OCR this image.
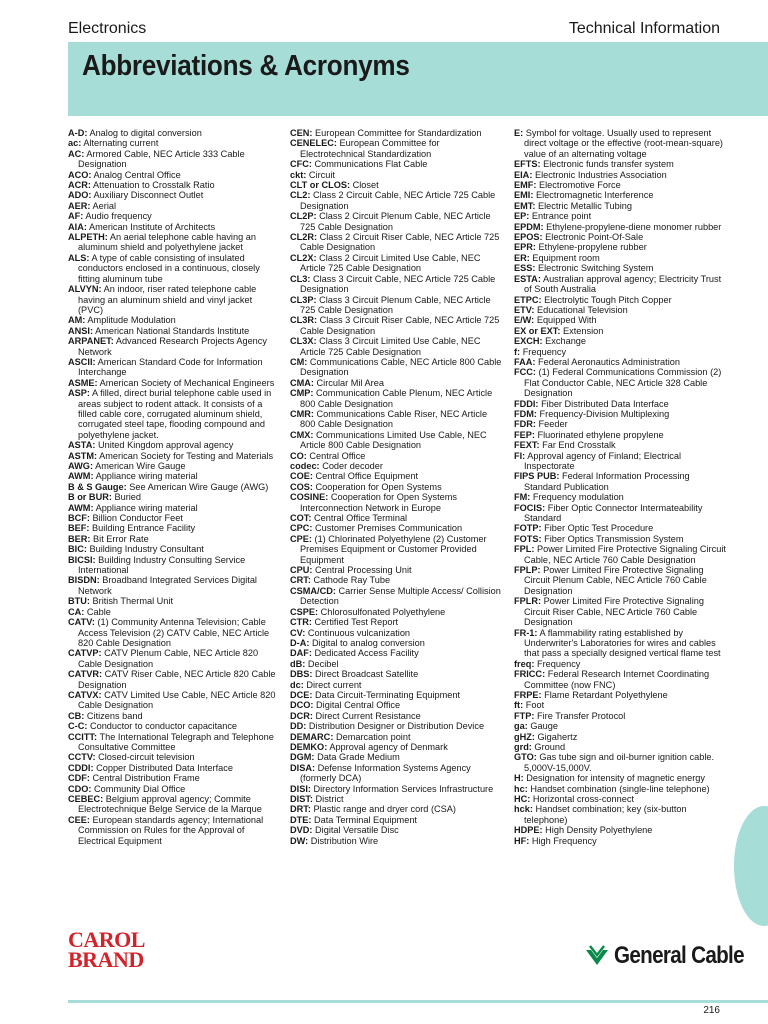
Electronics	Technical Information
Abbreviations & Acronyms

A-D: Analog to digital conversion

ac: Alternating current

AC: Armored Cable, NEC Article 333 Cable Designation

ACO: Analog Central Office

ACR: Attenuation to Crosstalk Ratio

ADO: Auxiliary Disconnect Outlet

AER: Aerial

AF: Audio frequency

AIA: American Institute of Architects

ALPETH: An aerial telephone cable having an aluminum shield and polyethylene jacket

ALS: A type of cable consisting of insulated conductors enclosed in a continuous, closely fitting aluminum tube

ALVYN: An indoor, riser rated telephone cable having an aluminum shield and vinyl jacket (PVC)

AM: Amplitude Modulation

ANSI: American National Standards Institute

ARPANET: Advanced Research Projects Agency Network

ASCII: American Standard Code for Information Interchange

ASME: American Society of Mechanical Engineers

ASP: A filled, direct burial telephone cable used in areas subject to rodent attack. It consists of a filled cable core, corrugated aluminum shield, corrugated steel tape, flooding compound and polyethylene jacket.

ASTA: United Kingdom approval agency

ASTM: American Society for Testing and Materials

AWG: American Wire Gauge

AWM: Appliance wiring material

B & S Gauge: See American Wire Gauge (AWG)

B or BUR: Buried

AWM: Appliance wiring material

BCF: Billion Conductor Feet

BEF: Building Entrance Facility

BER: Bit Error Rate

BIC: Building Industry Consultant

BICSI: Building Industry Consulting Service International

BISDN: Broadband Integrated Services Digital Network

BTU: British Thermal Unit

CA: Cable

CATV: (1) Community Antenna Television; Cable Access Television (2) CATV Cable, NEC Article 820 Cable Designation

CATVP: CATV Plenum Cable, NEC Article 820 Cable Designation

CATVR: CATV Riser Cable, NEC Article 820 Cable Designation

CATVX: CATV Limited Use Cable, NEC Article 820 Cable Designation

CB: Citizens band

C-C: Conductor to conductor capacitance

CCITT: The International Telegraph and Telephone Consultative Committee

CCTV: Closed-circuit television

CDDI: Copper Distributed Data Interface

CDF: Central Distribution Frame

CDO: Community Dial Office

CEBEC: Belgium approval agency; Commite Electrotechnique Belge Service de la Marque

CEE: European standards agency; International Commission on Rules for the Approval of Electrical Equipment

CEN: European Committee for Standardization

CENELEC: European Committee for Electrotechnical Standardization

CFC: Communications Flat Cable

ckt: Circuit

CLT or CLOS: Closet

CL2: Class 2 Circuit Cable, NEC Article 725 Cable Designation

CL2P: Class 2 Circuit Plenum Cable, NEC Article 725 Cable Designation

CL2R: Class 2 Circuit Riser Cable, NEC Article 725 Cable Designation

CL2X: Class 2 Circuit Limited Use Cable, NEC Article 725 Cable Designation

CL3: Class 3 Circuit Cable, NEC Article 725 Cable Designation

CL3P: Class 3 Circuit Plenum Cable, NEC Article 725 Cable Designation

CL3R: Class 3 Circuit Riser Cable, NEC Article 725 Cable Designation

CL3X: Class 3 Circuit Limited Use Cable, NEC Article 725 Cable Designation

CM: Communications Cable, NEC Article 800 Cable Designation

CMA: Circular Mil Area

CMP: Communication Cable Plenum, NEC Article 800 Cable Designation

CMR: Communications Cable Riser, NEC Article 800 Cable Designation

CMX: Communications Limited Use Cable, NEC Article 800 Cable Designation

CO: Central Office

codec: Coder decoder

COE: Central Office Equipment

COS: Cooperation for Open Systems

COSINE: Cooperation for Open Systems Interconnection Network in Europe

COT: Central Office Terminal

CPC: Customer Premises Communication

CPE: (1) Chlorinated Polyethylene (2) Customer Premises Equipment or Customer Provided Equipment

CPU: Central Processing Unit

CRT: Cathode Ray Tube

CSMA/CD: Carrier Sense Multiple Access/ Collision Detection

CSPE: Chlorosulfonated Polyethylene

CTR: Certified Test Report

CV: Continuous vulcanization

D-A: Digital to analog conversion

DAF: Dedicated Access Facility

dB: Decibel

DBS: Direct Broadcast Satellite

dc: Direct current

DCE: Data Circuit-Terminating Equipment

DCO: Digital Central Office

DCR: Direct Current Resistance

DD: Distribution Designer or Distribution Device

DEMARC: Demarcation point

DEMKO: Approval agency of Denmark

DGM: Data Grade Medium

DISA: Defense Information Systems Agency (formerly DCA)

DISI: Directory Information Services Infrastructure

DIST: District

DRT: Plastic range and dryer cord (CSA)

DTE: Data Terminal Equipment

DVD: Digital Versatile Disc

DW: Distribution Wire

E: Symbol for voltage. Usually used to represent direct voltage or the effective (root-mean-square) value of an alternating voltage

EFTS: Electronic funds transfer system

EIA: Electronic Industries Association

EMF: Electromotive Force

EMI: Electromagnetic Interference

EMT: Electric Metallic Tubing

EP: Entrance point

EPDM: Ethylene-propylene-diene monomer rubber

EPOS: Electronic Point-Of-Sale

EPR: Ethylene-propylene rubber

ER: Equipment room

ESS: Electronic Switching System

ESTA: Australian approval agency; Electricity Trust of South Australia

ETPC: Electrolytic Tough Pitch Copper

ETV: Educational Television

E/W: Equipped With

EX or EXT: Extension

EXCH: Exchange

f: Frequency

FAA: Federal Aeronautics Administration

FCC: (1) Federal Communications Commission (2) Flat Conductor Cable, NEC Article 328 Cable Designation

FDDI: Fiber Distributed Data Interface

FDM: Frequency-Division Multiplexing

FDR: Feeder

FEP: Fluorinated ethylene propylene

FEXT: Far End Crosstalk

FI: Approval agency of Finland; Electrical Inspectorate

FIPS PUB: Federal Information Processing Standard Publication

FM: Frequency modulation

FOCIS: Fiber Optic Connector Intermateability Standard

FOTP: Fiber Optic Test Procedure

FOTS: Fiber Optics Transmission System

FPL: Power Limited Fire Protective Signaling Circuit Cable, NEC Article 760 Cable Designation

FPLP: Power Limited Fire Protective Signaling Circuit Plenum Cable, NEC Article 760 Cable Designation

FPLR: Power Limited Fire Protective Signaling Circuit Riser Cable, NEC Article 760 Cable Designation

FR-1: A flammability rating established by Underwriter's Laboratories for wires and cables that pass a specially designed vertical flame test

freq: Frequency

FRICC: Federal Research Internet Coordinating Committee (now FNC)

FRPE: Flame Retardant Polyethylene

ft: Foot

FTP: Fire Transfer Protocol

ga: Gauge

gHZ: Gigahertz

grd: Ground

GTO: Gas tube sign and oil-burner ignition cable. 5,000V-15,000V.

H: Designation for intensity of magnetic energy

hc: Handset combination (single-line telephone)

HC: Horizontal cross-connect

hck: Handset combination; key (six-button telephone)

HDPE: High Density Polyethylene

HF: High Frequency

CAROL
BRAND	General Cable
216
